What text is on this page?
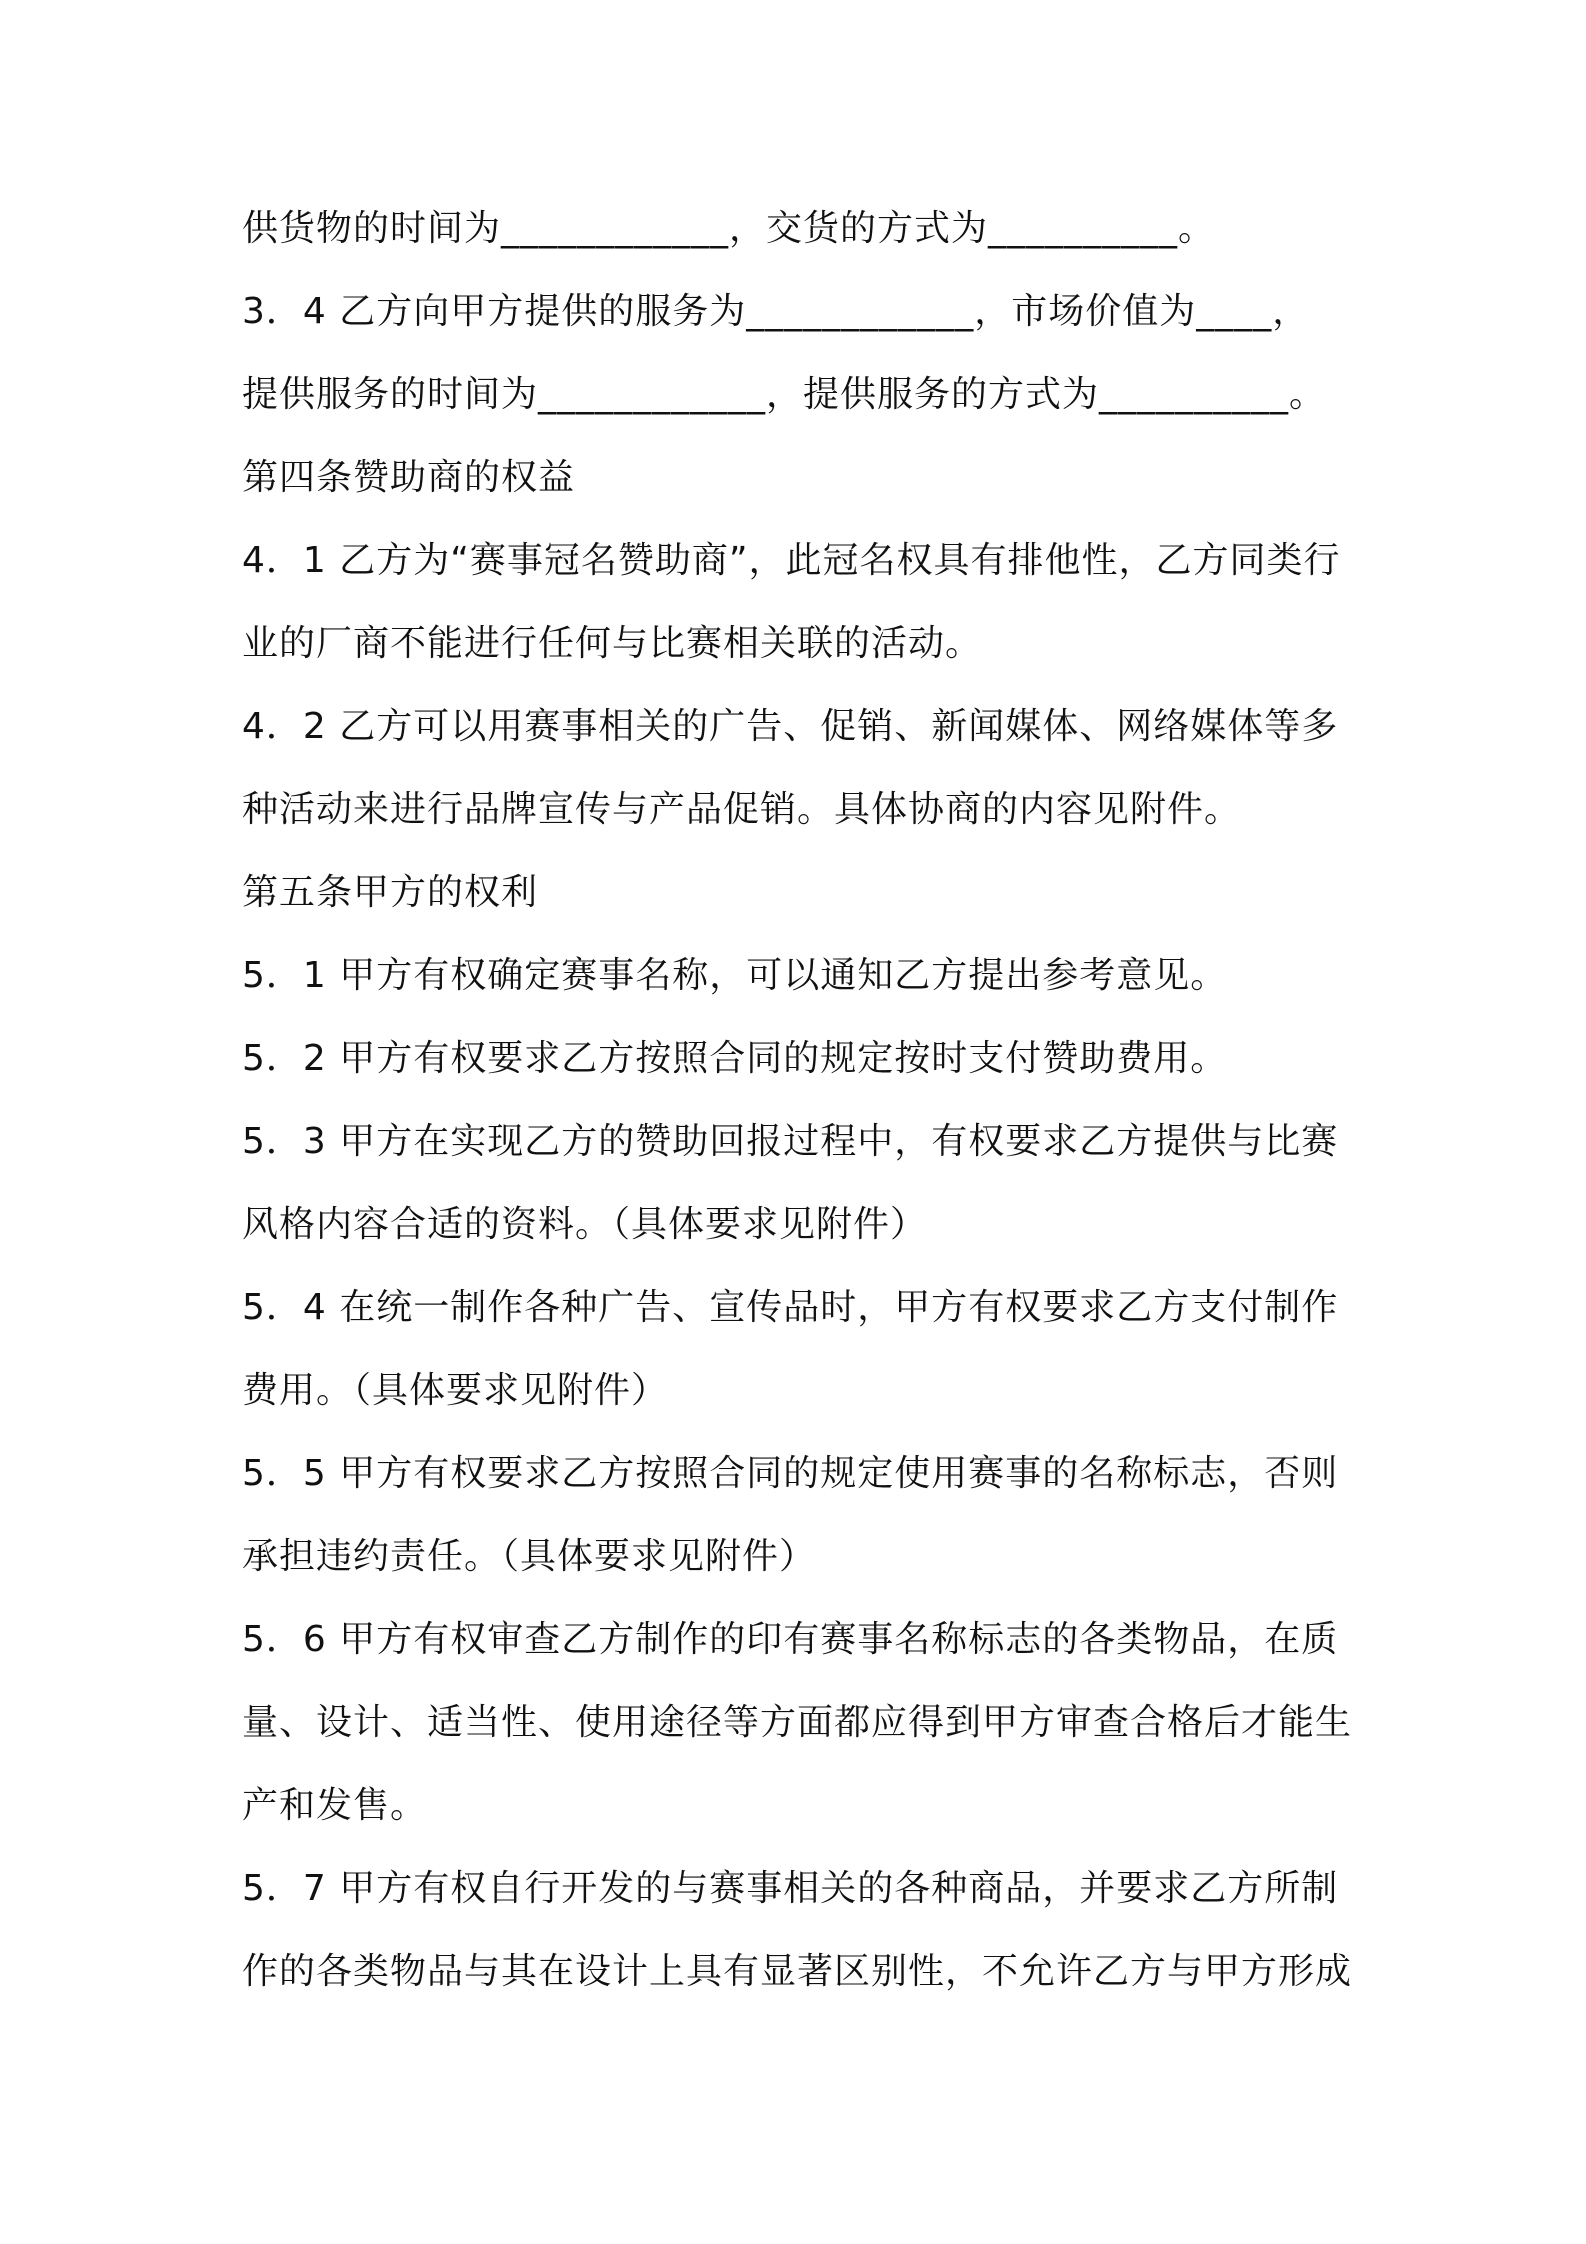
供货物的时间为____________，交货的方式为__________。
3．4 乙方向甲方提供的服务为____________，市场价值为____，
提供服务的时间为____________，提供服务的方式为__________。
第四条赞助商的权益
4．1 乙方为“赛事冠名赞助商”，此冠名权具有排他性，乙方同类行
业的厂商不能进行任何与比赛相关联的活动。
4．2 乙方可以用赛事相关的广告、促销、新闻媒体、网络媒体等多
种活动来进行品牌宣传与产品促销。具体协商的内容见附件。
第五条甲方的权利
5．1 甲方有权确定赛事名称，可以通知乙方提出参考意见。
5．2 甲方有权要求乙方按照合同的规定按时支付赞助费用。
5．3 甲方在实现乙方的赞助回报过程中，有权要求乙方提供与比赛
风格内容合适的资料。（具体要求见附件）
5．4 在统一制作各种广告、宣传品时，甲方有权要求乙方支付制作
费用。（具体要求见附件）
5．5 甲方有权要求乙方按照合同的规定使用赛事的名称标志，否则
承担违约责任。（具体要求见附件）
5．6 甲方有权审查乙方制作的印有赛事名称标志的各类物品，在质
量、设计、适当性、使用途径等方面都应得到甲方审查合格后才能生
产和发售。
5．7 甲方有权自行开发的与赛事相关的各种商品，并要求乙方所制
作的各类物品与其在设计上具有显著区别性，不允许乙方与甲方形成
